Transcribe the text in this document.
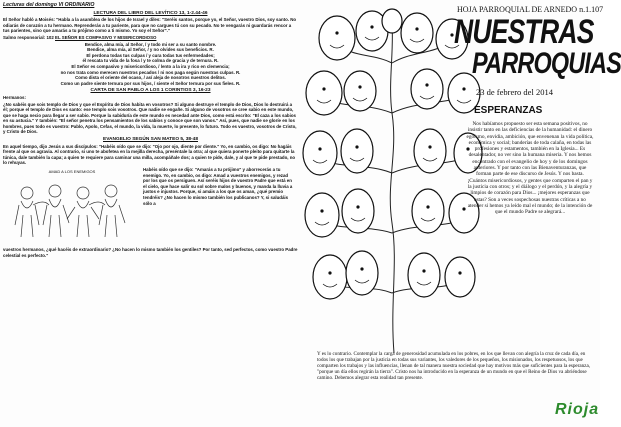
Lecturas del domingo VI ORDINARIO
LECTURA DEL LIBRO DEL LEVÍTICO 13, 1-2.44-46
El Señor habló a Moisés: "Habla a la asamblea de los hijos de Israel y diles: "Seréis santos, porque yo, el Señor, vuestro Dios, soy santo. No odiarás de corazón a tu hermano. Reprenderás a tu pariente, para que no cargues tú con su pecado. No te vengarás ni guardarás rencor a tus parientes, sino que amarás a tu prójimo como a ti mismo. Yo soy el Señor"."
Salmo responsorial: 102 EL SEÑOR ES COMPASIVO Y MISERICORDIOSO
Bendice, alma mía, al Señor, / y todo mi ser a su santo nombre.
Bendice, alma mía, al Señor, / y no olvides sus beneficios. R.
El perdona todas tus culpas / y cura todas tus enfermedades;
él rescata tu vida de la fosa / y te colma de gracia y de ternura. R.
El Señor es compasivo y misericordioso, / lento a la ira y rico en clemencia;
no nos trata como merecen nuestros pecados / ni nos paga según nuestras culpas. R.
Como dista el oriente del ocaso, / así aleja de nosotros nuestros delitos.
Como un padre siente ternura por sus hijos, / siente el Señor ternura por sus fieles. R.
CARTA DE SAN PABLO A LOS 1 CORINTIOS 3, 16-23
Hermanos:
¿No sabéis que sois templo de Dios y que el Espíritu de Dios habita en vosotros? Si alguno destruye el templo de Dios, Dios lo destruirá a él; porque el templo de Dios es santo: ese templo sois vosotros. Que nadie se engañe. Si alguno de vosotros se cree sabio en este mundo, que se haga necio para llegar a ser sabio. Porque la sabiduría de este mundo es necedad ante Dios, como está escrito: "El caza a los sabios en su astucia." Y también: "El señor penetra los pensamientos de los sabios y conoce que son vanos." Así, pues, que nadie se gloríe en los hombres, pues todo es vuestro: Pablo, Apolo, Cefas, el mundo, la vida, la muerte, lo presente, lo futuro. Todo es vuestro, vosotros de Cristo, y Cristo de Dios.
EVANGELIO SEGÚN SAN MATEO 5, 38-48
En aquel tiempo, dijo Jesús a sus discípulos: "Habéis oído que se dijo: "Ojo por ojo, diente por diente." Yo, en cambio, os digo: No hagáis frente al que os agravia. Al contrario, si uno te abofetea en la mejilla derecha, preséntale la otra; al que quiera ponerte pleito para quitarte la túnica, dale también la capa; a quien te requiere para caminar una milla, acompáñale dos; a quien te pide, dale, y al que te pide prestado, no lo rehuyas.
AMAD A LOS ENEMIGOS	Habéis oído que se dijo: "Amarás a tu prójimo" y aborrecerás a tu enemigo. Yo, en cambio, os digo: Amad a vuestros enemigos, y rezad por los que os persiguen. Así seréis hijos de vuestro Padre que está en el cielo, que hace salir su sol sobre malos y buenos, y manda la lluvia a justos e injustos. Porque, si amáis a los que os aman, ¿qué premio tendréis? ¿No hacen lo mismo también los publicanos? Y, si saludáis sólo a
vuestros hermanos, ¿qué hacéis de extraordinario? ¿No hacen lo mismo también los gentiles? Por tanto, sed perfectos, como vuestro Padre celestial es perfecto."
HOJA PARROQUIAL DE ARNEDO n.1.107
NUESTRAS
PARROQUIAS
23 de febrero del 2014
ESPERANZAS
Nos habíamos propuesto ser esta semana positivos, no insistir tanto en las deficiencias de la humanidad: el dinero egoísmo, envidia, ambición, que envenenan la vida política, económica y social; banderías de toda calaña, en todas las profesiones y estamentos, también en la Iglesia... Es desalentador, no ver sino la humana miseria. Y nos hemos encontrado con el evangelio de hoy y de los domingos anteriores. Y por tanto con las Bienaventuranzas, que forman parte de ese discurso de Jesús. Y nos basta. ¡Cuántos misericordiosos, y gentes que comparten el pan y la justicia con otros; y el diálogo y el perdón, y la alegría y limpios de corazón para Dios... ¡mejores esperanzas que estas? Son a veces sospechosas nuestras críticas a no atender si hemos ya leído mal el mundo; de la intención de que el mundo Padre se alegrará...
Y es lo contrario. Contemplar la carga de generosidad acumulada en los pobres, en los que llevan con alegría la cruz de cada día, en todos los que trabajan por la justicia en todas sus variantes, los valedores de los pequeños, los misionados, los respetuosos, los que comparten los trabajos y las influencias, llenan de tal manera nuestra sociedad que hay motivos más que suficientes para la esperanza, "porque un día ellos regirán la tierra". Cristo nos ha introducido en la esperanza de un mundo en que el Reino de Dios va abriéndose camino. Debemos alegrar esta realidad tan presente.
Rioja
